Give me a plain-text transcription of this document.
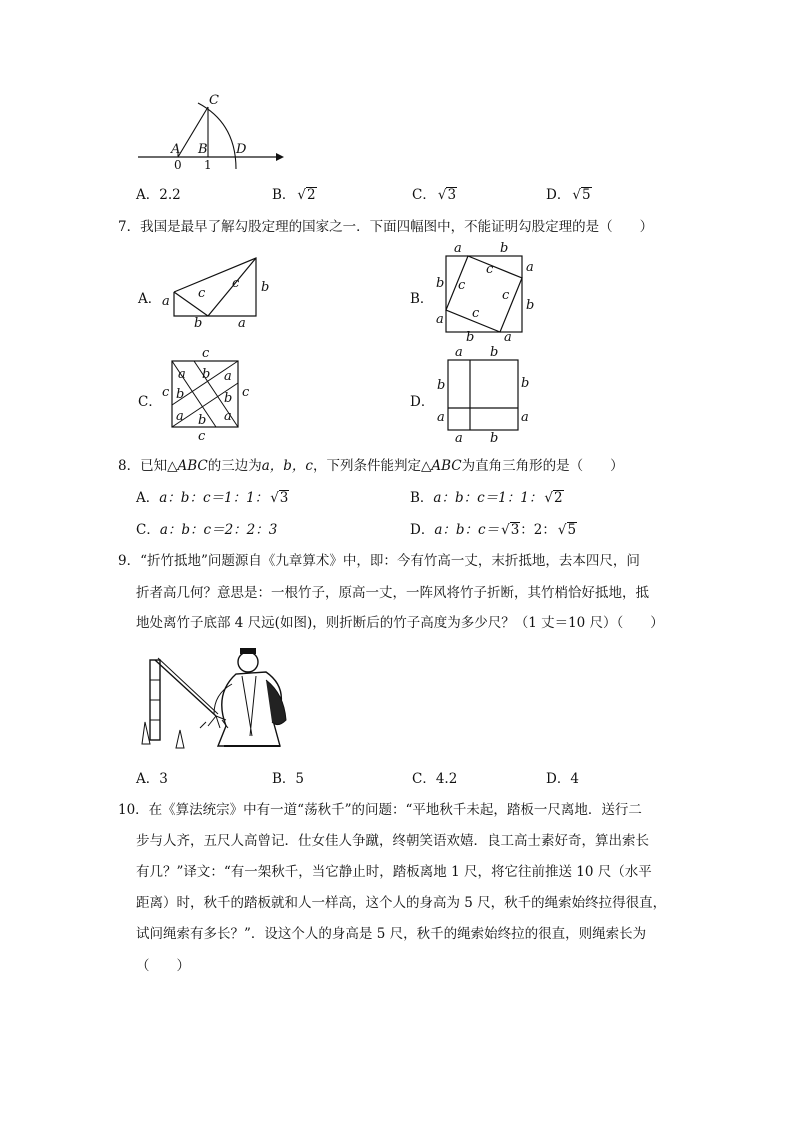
C
A B D
0 1
A．2.2	B． √2	C． √3	D． √5
7．我国是最早了解勾股定理的国家之一．下面四幅图中，不能证明勾股定理的是（　　）
A． a
b	a
b
c
c
B．
a	b
a
b
b
a
b a
c
c
c
c
C．
c
c
c
c
a b a
b	b
a b a
D．
a b
b
a
b
a
a b
8．已知△ABC的三边为a，b，c，下列条件能判定△ABC为直角三角形的是（　　）
A．a：b：c＝1：1： √3	B．a：b：c＝1：1： √2
C．a：b：c＝2：2：3	D．a：b：c＝ √3：2： √5
9．“折竹抵地”问题源自《九章算术》中，即：今有竹高一丈，末折抵地，去本四尺，问
折者高几何？意思是：一根竹子，原高一丈，一阵风将竹子折断，其竹梢恰好抵地，抵
地处离竹子底部 4 尺远(如图)，则折断后的竹子高度为多少尺？（1 丈＝10 尺）（　　）
A．3	B．5	C．4.2	D．4
10．在《算法统宗》中有一道“荡秋千”的问题：“平地秋千未起，踏板一尺离地．送行二
步与人齐，五尺人高曾记．仕女佳人争蹴，终朝笑语欢嬉．良工高士素好奇，算出索长
有几？”译文：“有一架秋千，当它静止时，踏板离地 1 尺，将它往前推送 10 尺（水平
距离）时，秋千的踏板就和人一样高，这个人的身高为 5 尺，秋千的绳索始终拉得很直，
试问绳索有多长？”．设这个人的身高是 5 尺，秋千的绳索始终拉的很直，则绳索长为
（　　）
